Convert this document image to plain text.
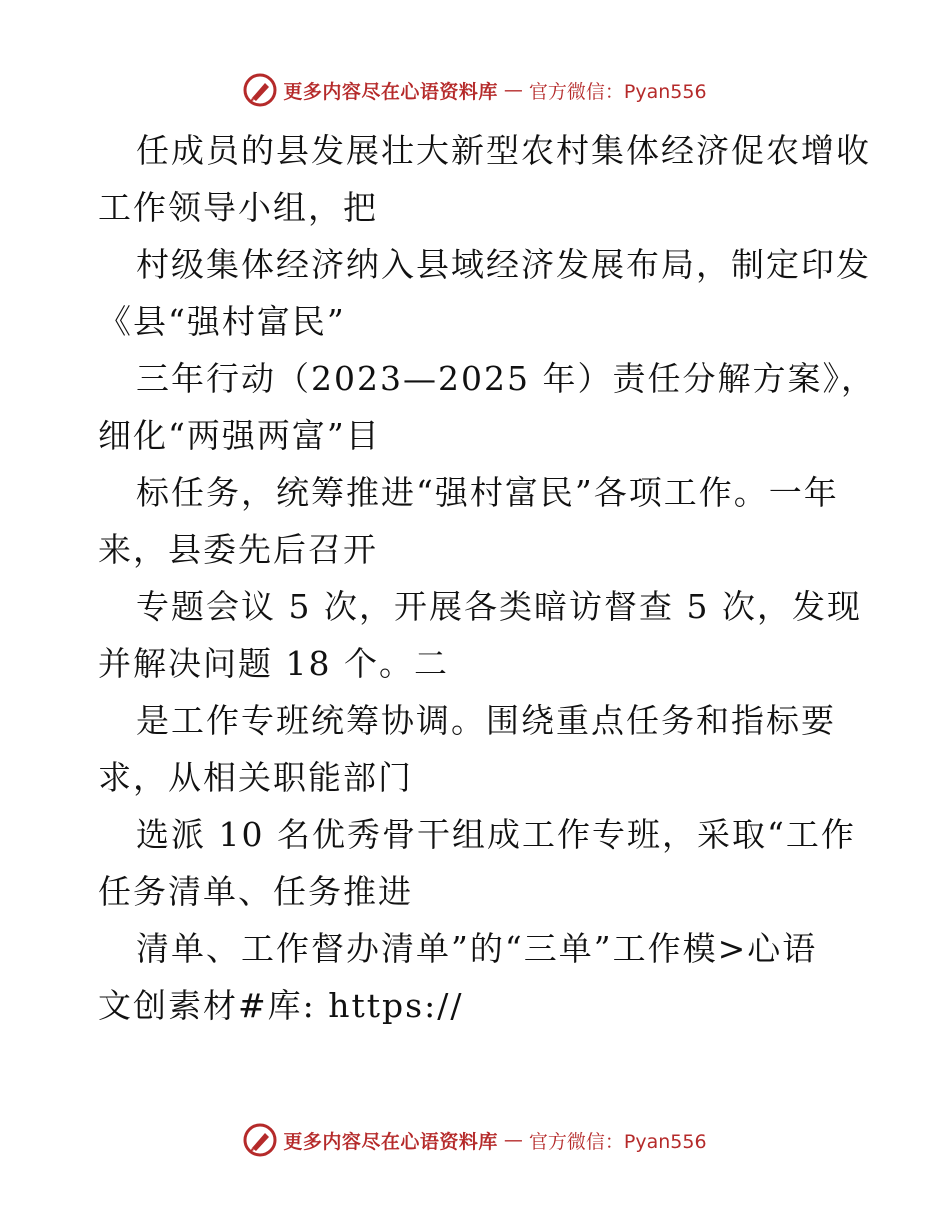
更多内容尽在心语资料库 — 官方微信：Pyan556
任成员的县发展壮大新型农村集体经济促农增收
工作领导小组，把
村级集体经济纳入县域经济发展布局，制定印发
《县“强村富民”
三年行动（2023—2025 年）责任分解方案》，
细化“两强两富”目
标任务，统筹推进“强村富民”各项工作。一年
来，县委先后召开
专题会议 5 次，开展各类暗访督查 5 次，发现
并解决问题 18 个。二
是工作专班统筹协调。围绕重点任务和指标要
求，从相关职能部门
选派 10 名优秀骨干组成工作专班，采取“工作
任务清单、任务推进
清单、工作督办清单”的“三单”工作模>心语
文创素材#库: https://
更多内容尽在心语资料库 — 官方微信：Pyan556
